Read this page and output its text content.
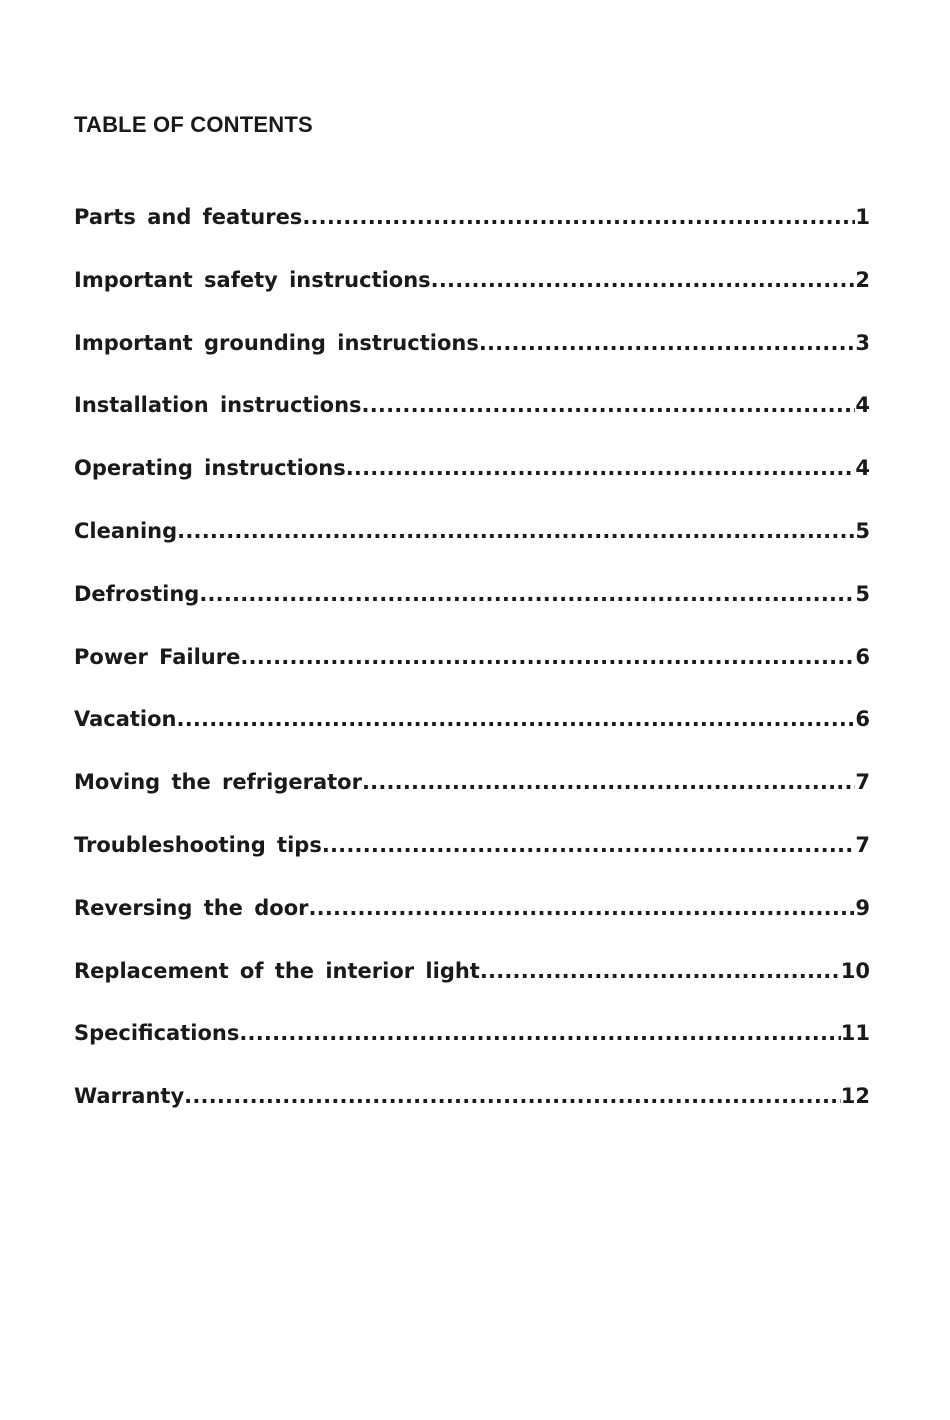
TABLE OF CONTENTS
Parts and features .....	1
Important safety instructions .....	2
Important grounding instructions .....	3
Installation instructions .....	4
Operating instructions .....	4
Cleaning .....	5
Defrosting .....	5
Power Failure .....	6
Vacation .....	6
Moving the refrigerator .....	7
Troubleshooting tips .....	7
Reversing the door .....	9
Replacement of the interior light .....	10
Specifications .....	11
Warranty .....	12
